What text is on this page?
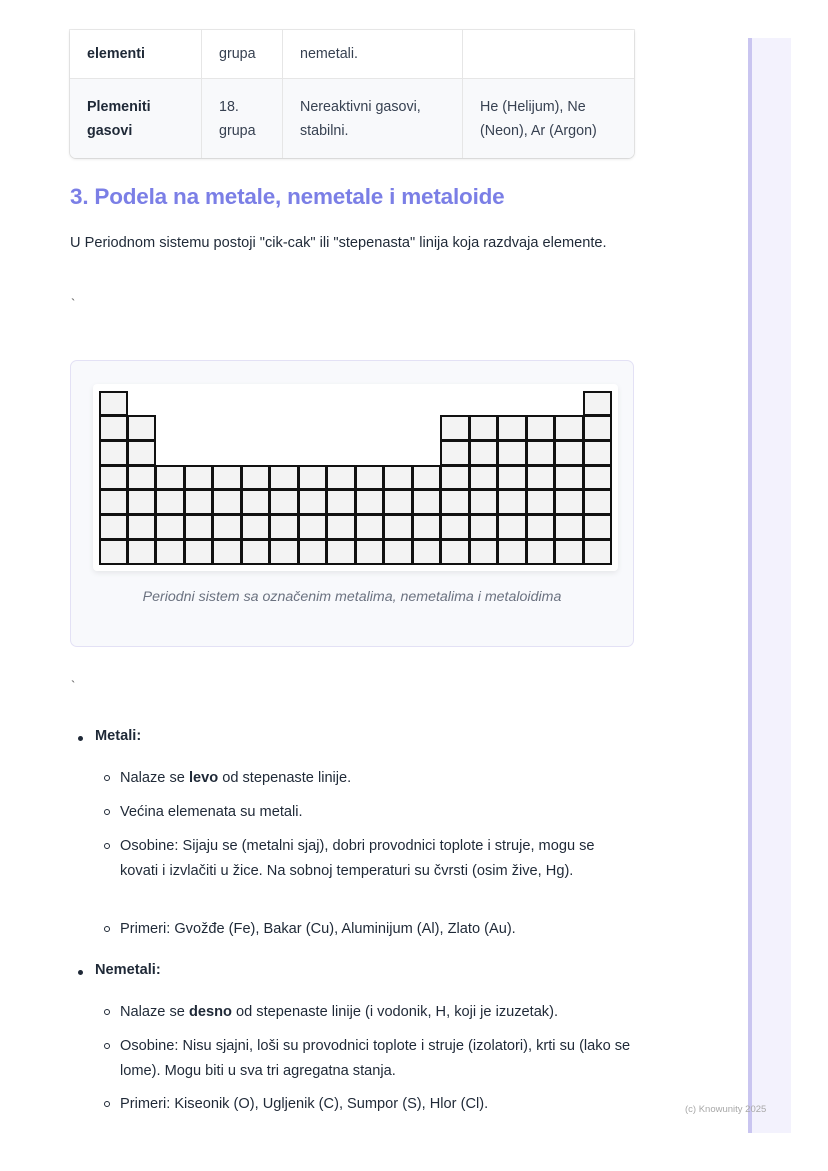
elementi	grupa	nemetali.	
Plemeniti gasovi	18. grupa	Nereaktivni gasovi, stabilni.	He (Helijum), Ne (Neon), Ar (Argon)
3. Podela na metale, nemetale i metaloide
U Periodnom sistemu postoji "cik-cak" ili "stepenasta" linija koja razdvaja elemente.
`
Periodni sistem sa označenim metalima, nemetalima i metaloidima
`
Metali:
Nalaze se levo od stepenaste linije.
Većina elemenata su metali.
Osobine: Sijaju se (metalni sjaj), dobri provodnici toplote i struje, mogu se kovati i izvlačiti u žice. Na sobnoj temperaturi su čvrsti (osim žive, Hg).
Primeri: Gvožđe (Fe), Bakar (Cu), Aluminijum (Al), Zlato (Au).
Nemetali:
Nalaze se desno od stepenaste linije (i vodonik, H, koji je izuzetak).
Osobine: Nisu sjajni, loši su provodnici toplote i struje (izolatori), krti su (lako se lome). Mogu biti u sva tri agregatna stanja.
Primeri: Kiseonik (O), Ugljenik (C), Sumpor (S), Hlor (Cl).	(c) Knowunity 2025
